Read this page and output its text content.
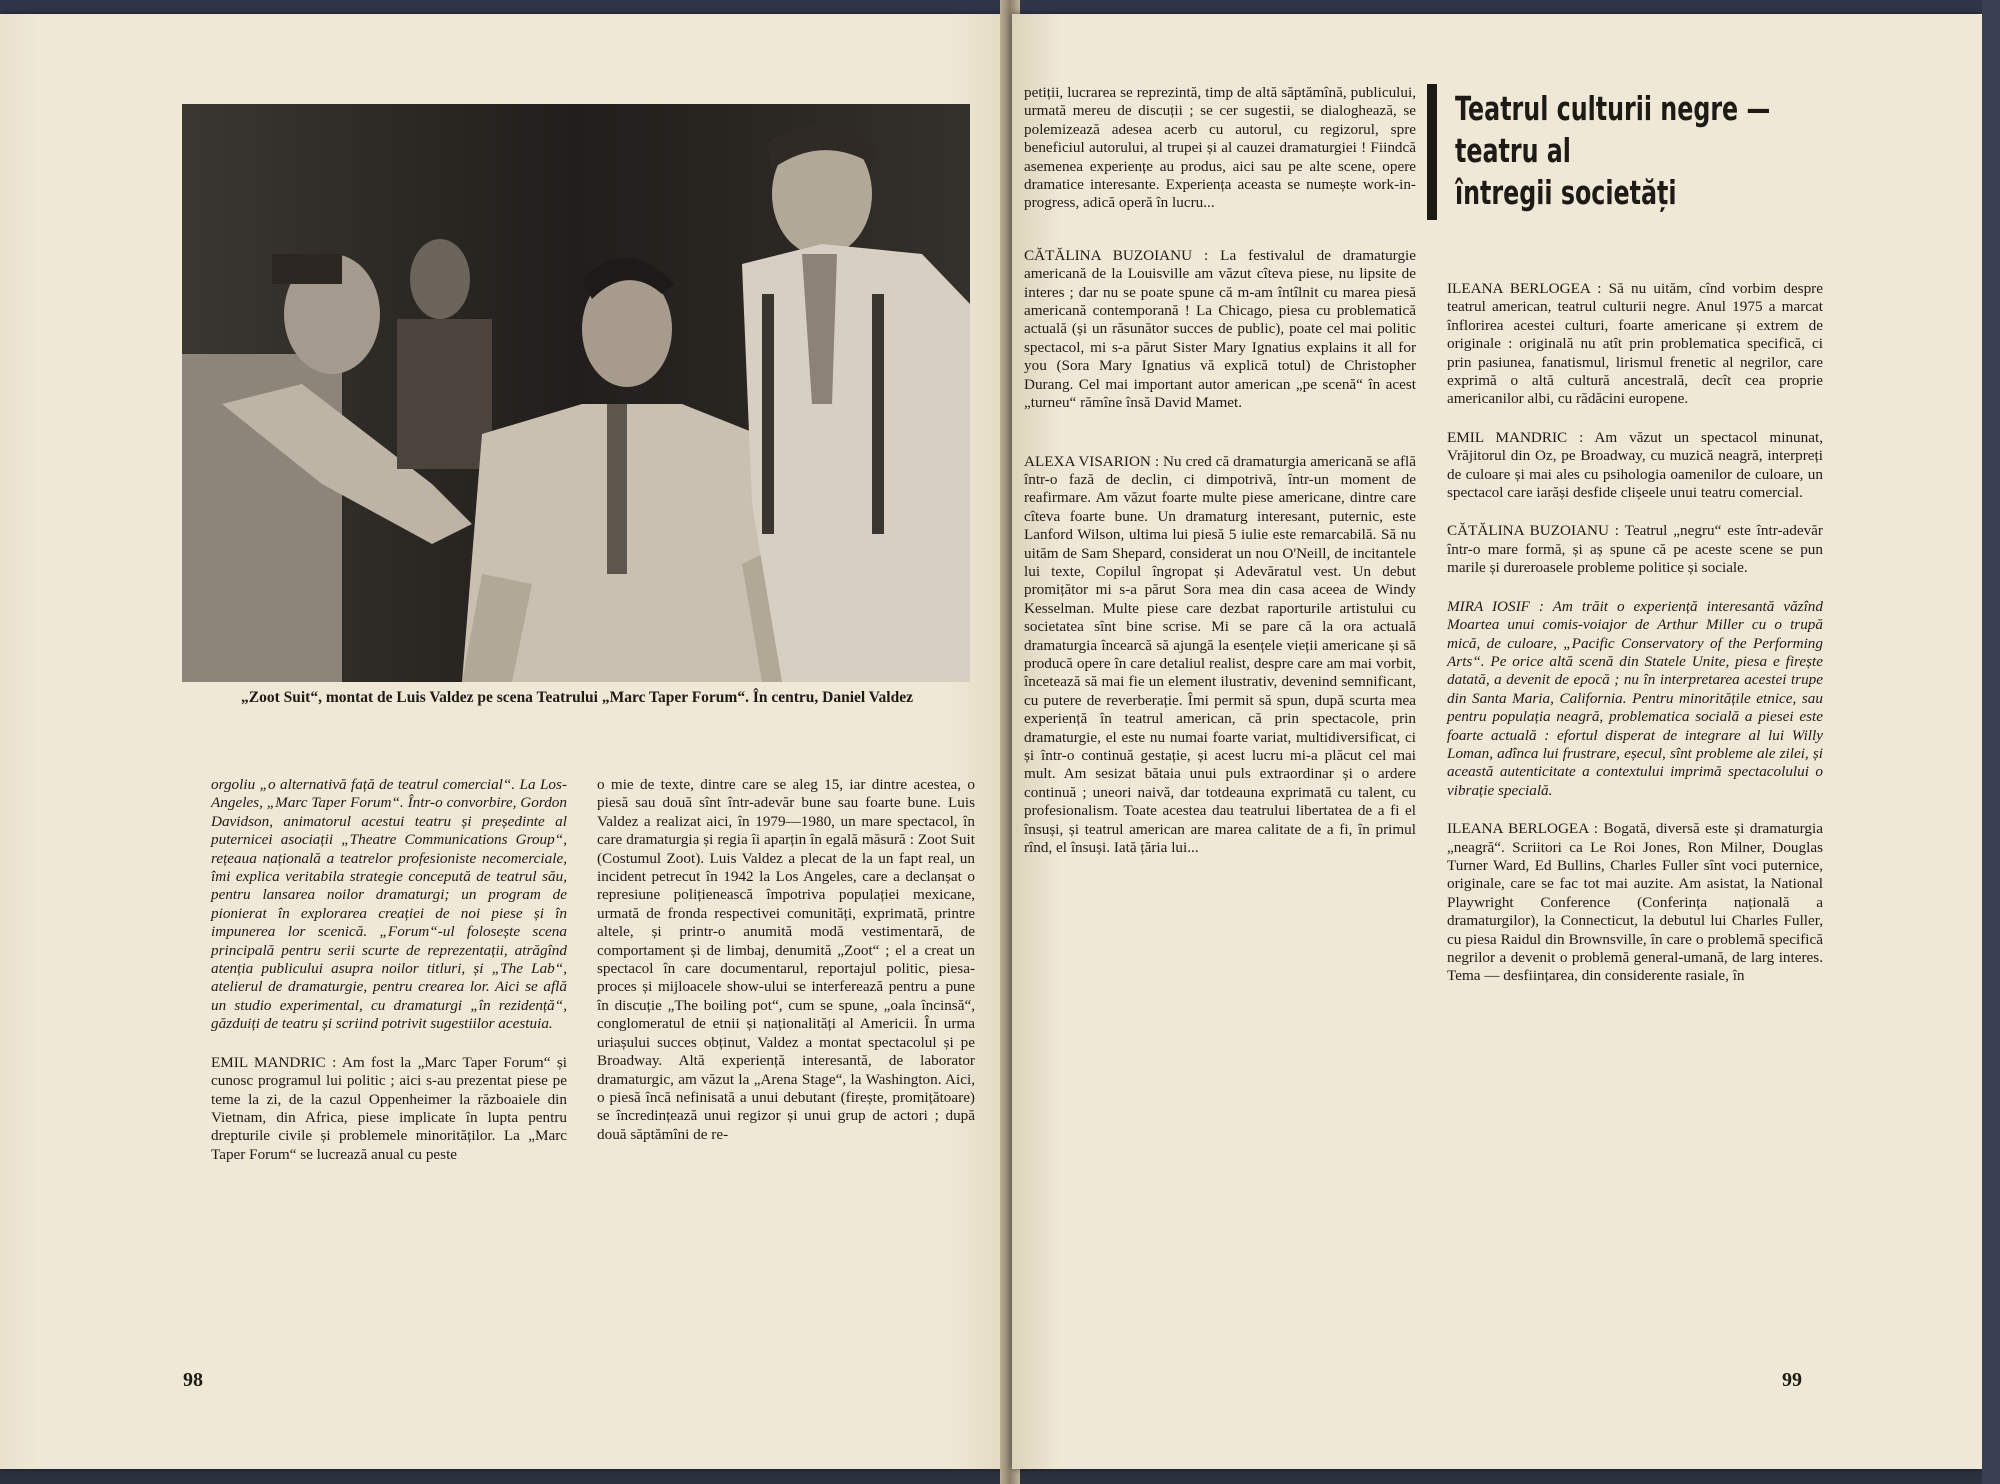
„Zoot Suit“, montat de Luis Valdez pe scena Teatrului „Marc Taper Forum“. În centru, Daniel Valdez

orgoliu „o alternativă față de teatrul comercial“. La Los-Angeles, „Marc Taper Forum“. Într-o convorbire, Gordon Davidson, animatorul acestui teatru și președinte al puternicei asociații „Theatre Communications Group“, rețeaua națională a teatrelor profesioniste necomerciale, îmi explica veritabila strategie concepută de teatrul său, pentru lansarea noilor dramaturgi; un program de pionierat în explorarea creației de noi piese și în impunerea lor scenică. „Forum“-ul folosește scena principală pentru serii scurte de reprezentații, atrăgînd atenția publicului asupra noilor titluri, și „The Lab“, atelierul de dramaturgie, pentru crearea lor. Aici se află un studio experimental, cu dramaturgi „în rezidență“, găzduiți de teatru și scriind potrivit sugestiilor acestuia.

EMIL MANDRIC : Am fost la „Marc Taper Forum“ și cunosc programul lui politic ; aici s-au prezentat piese pe teme la zi, de la cazul Oppenheimer la războaiele din Vietnam, din Africa, piese implicate în lupta pentru drepturile civile și problemele minorităților. La „Marc Taper Forum“ se lucrează anual cu peste

o mie de texte, dintre care se aleg 15, iar dintre acestea, o piesă sau două sînt într-adevăr bune sau foarte bune. Luis Valdez a realizat aici, în 1979—1980, un mare spectacol, în care dramaturgia și regia îi aparțin în egală măsură : Zoot Suit (Costumul Zoot). Luis Valdez a plecat de la un fapt real, un incident petrecut în 1942 la Los Angeles, care a declanșat o represiune polițienească împotriva populației mexicane, urmată de fronda respectivei comunități, exprimată, printre altele, și printr-o anumită modă vestimentară, de comportament și de limbaj, denumită „Zoot“ ; el a creat un spectacol în care documentarul, reportajul politic, piesa-proces și mijloacele show-ului se interferează pentru a pune în discuție „The boiling pot“, cum se spune, „oala încinsă“, conglomeratul de etnii și naționalități al Americii. În urma uriașului succes obținut, Valdez a montat spectacolul și pe Broadway. Altă experiență interesantă, de laborator dramaturgic, am văzut la „Arena Stage“, la Washington. Aici, o piesă încă nefinisată a unui debutant (firește, promițătoare) se încredințează unui regizor și unui grup de actori ; după două săptămîni de re-

98

petiții, lucrarea se reprezintă, timp de altă săptămînă, publicului, urmată mereu de discuții ; se cer sugestii, se dialoghează, se polemizează adesea acerb cu autorul, cu regizorul, spre beneficiul autorului, al trupei și al cauzei dramaturgiei ! Fiindcă asemenea experiențe au produs, aici sau pe alte scene, opere dramatice interesante. Experiența aceasta se numește work-in-progress, adică operă în lucru...

CĂTĂLINA BUZOIANU : La festivalul de dramaturgie americană de la Louisville am văzut cîteva piese, nu lipsite de interes ; dar nu se poate spune că m-am întîlnit cu marea piesă americană contemporană ! La Chicago, piesa cu problematică actuală (și un răsunător succes de public), poate cel mai politic spectacol, mi s-a părut Sister Mary Ignatius explains it all for you (Sora Mary Ignatius vă explică totul) de Christopher Durang. Cel mai important autor american „pe scenă“ în acest „turneu“ rămîne însă David Mamet.

ALEXA VISARION : Nu cred că dramaturgia americană se află într-o fază de declin, ci dimpotrivă, într-un moment de reafirmare. Am văzut foarte multe piese americane, dintre care cîteva foarte bune. Un dramaturg interesant, puternic, este Lanford Wilson, ultima lui piesă 5 iulie este remarcabilă. Să nu uităm de Sam Shepard, considerat un nou O'Neill, de incitantele lui texte, Copilul îngropat și Adevăratul vest. Un debut promițător mi s-a părut Sora mea din casa aceea de Windy Kesselman. Multe piese care dezbat raporturile artistului cu societatea sînt bine scrise. Mi se pare că la ora actuală dramaturgia încearcă să ajungă la esențele vieții americane și să producă opere în care detaliul realist, despre care am mai vorbit, încetează să mai fie un element ilustrativ, devenind semnificant, cu putere de reverberație. Îmi permit să spun, după scurta mea experiență în teatrul american, că prin spectacole, prin dramaturgie, el este nu numai foarte variat, multidiversificat, ci și într-o continuă gestație, și acest lucru mi-a plăcut cel mai mult. Am sesizat bătaia unui puls extraordinar și o ardere continuă ; uneori naivă, dar totdeauna exprimată cu talent, cu profesionalism. Toate acestea dau teatrului libertatea de a fi el însuși, și teatrul american are marea calitate de a fi, în primul rînd, el însuși. Iată țăria lui...

ILEANA BERLOGEA : Să nu uităm, cînd vorbim despre teatrul american, teatrul culturii negre. Anul 1975 a marcat înflorirea acestei culturi, foarte americane și extrem de originale : originală nu atît prin problematica specifică, ci prin pasiunea, fanatismul, lirismul frenetic al negrilor, care exprimă o altă cultură ancestrală, decît cea proprie americanilor albi, cu rădăcini europene.

EMIL MANDRIC : Am văzut un spectacol minunat, Vrăjitorul din Oz, pe Broadway, cu muzică neagră, interpreți de culoare și mai ales cu psihologia oamenilor de culoare, un spectacol care iarăși desfide clișeele unui teatru comercial.

CĂTĂLINA BUZOIANU : Teatrul „negru“ este într-adevăr într-o mare formă, și aș spune că pe aceste scene se pun marile și dureroasele probleme politice și sociale.

MIRA IOSIF : Am trăit o experiență interesantă văzînd Moartea unui comis-voiajor de Arthur Miller cu o trupă mică, de culoare, „Pacific Conservatory of the Performing Arts“. Pe orice altă scenă din Statele Unite, piesa e firește datată, a devenit de epocă ; nu în interpretarea acestei trupe din Santa Maria, California. Pentru minoritățile etnice, sau pentru populația neagră, problematica socială a piesei este foarte actuală : efortul disperat de integrare al lui Willy Loman, adînca lui frustrare, eșecul, sînt probleme ale zilei, și această autenticitate a contextului imprimă spectacolului o vibrație specială.

ILEANA BERLOGEA : Bogată, diversă este și dramaturgia „neagră“. Scriitori ca Le Roi Jones, Ron Milner, Douglas Turner Ward, Ed Bullins, Charles Fuller sînt voci puternice, originale, care se fac tot mai auzite. Am asistat, la National Playwright Conference (Conferința națională a dramaturgilor), la Connecticut, la debutul lui Charles Fuller, cu piesa Raidul din Brownsville, în care o problemă specifică negrilor a devenit o problemă general-umană, de larg interes. Tema — desființarea, din considerente rasiale, în

99
Teatrul culturii negre —
teatru al
întregii societăți
